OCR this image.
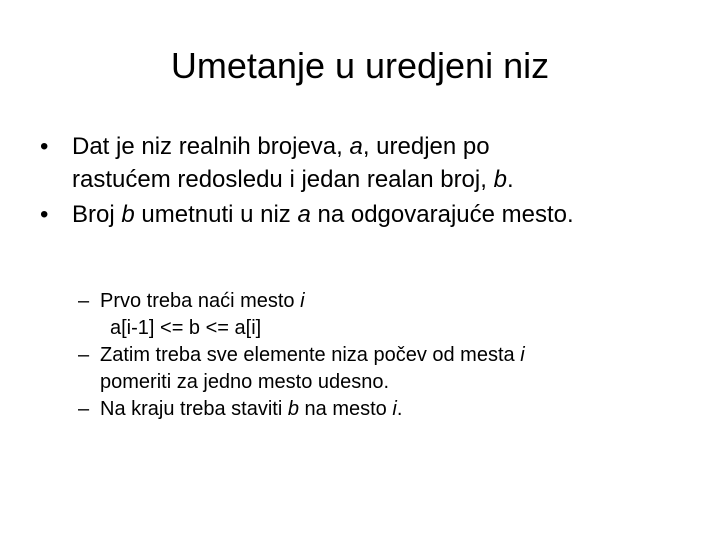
Umetanje u uredjeni niz
• Dat je niz realnih brojeva, a, uredjen po
rastućem redosledu i jedan realan broj, b.
• Broj b umetnuti u niz a na odgovarajuće mesto.
– Prvo treba naći mesto i
a[i-1] <= b <= a[i]
– Zatim treba sve elemente niza počev od mesta i
pomeriti za jedno mesto udesno.
– Na kraju treba staviti b na mesto i.
